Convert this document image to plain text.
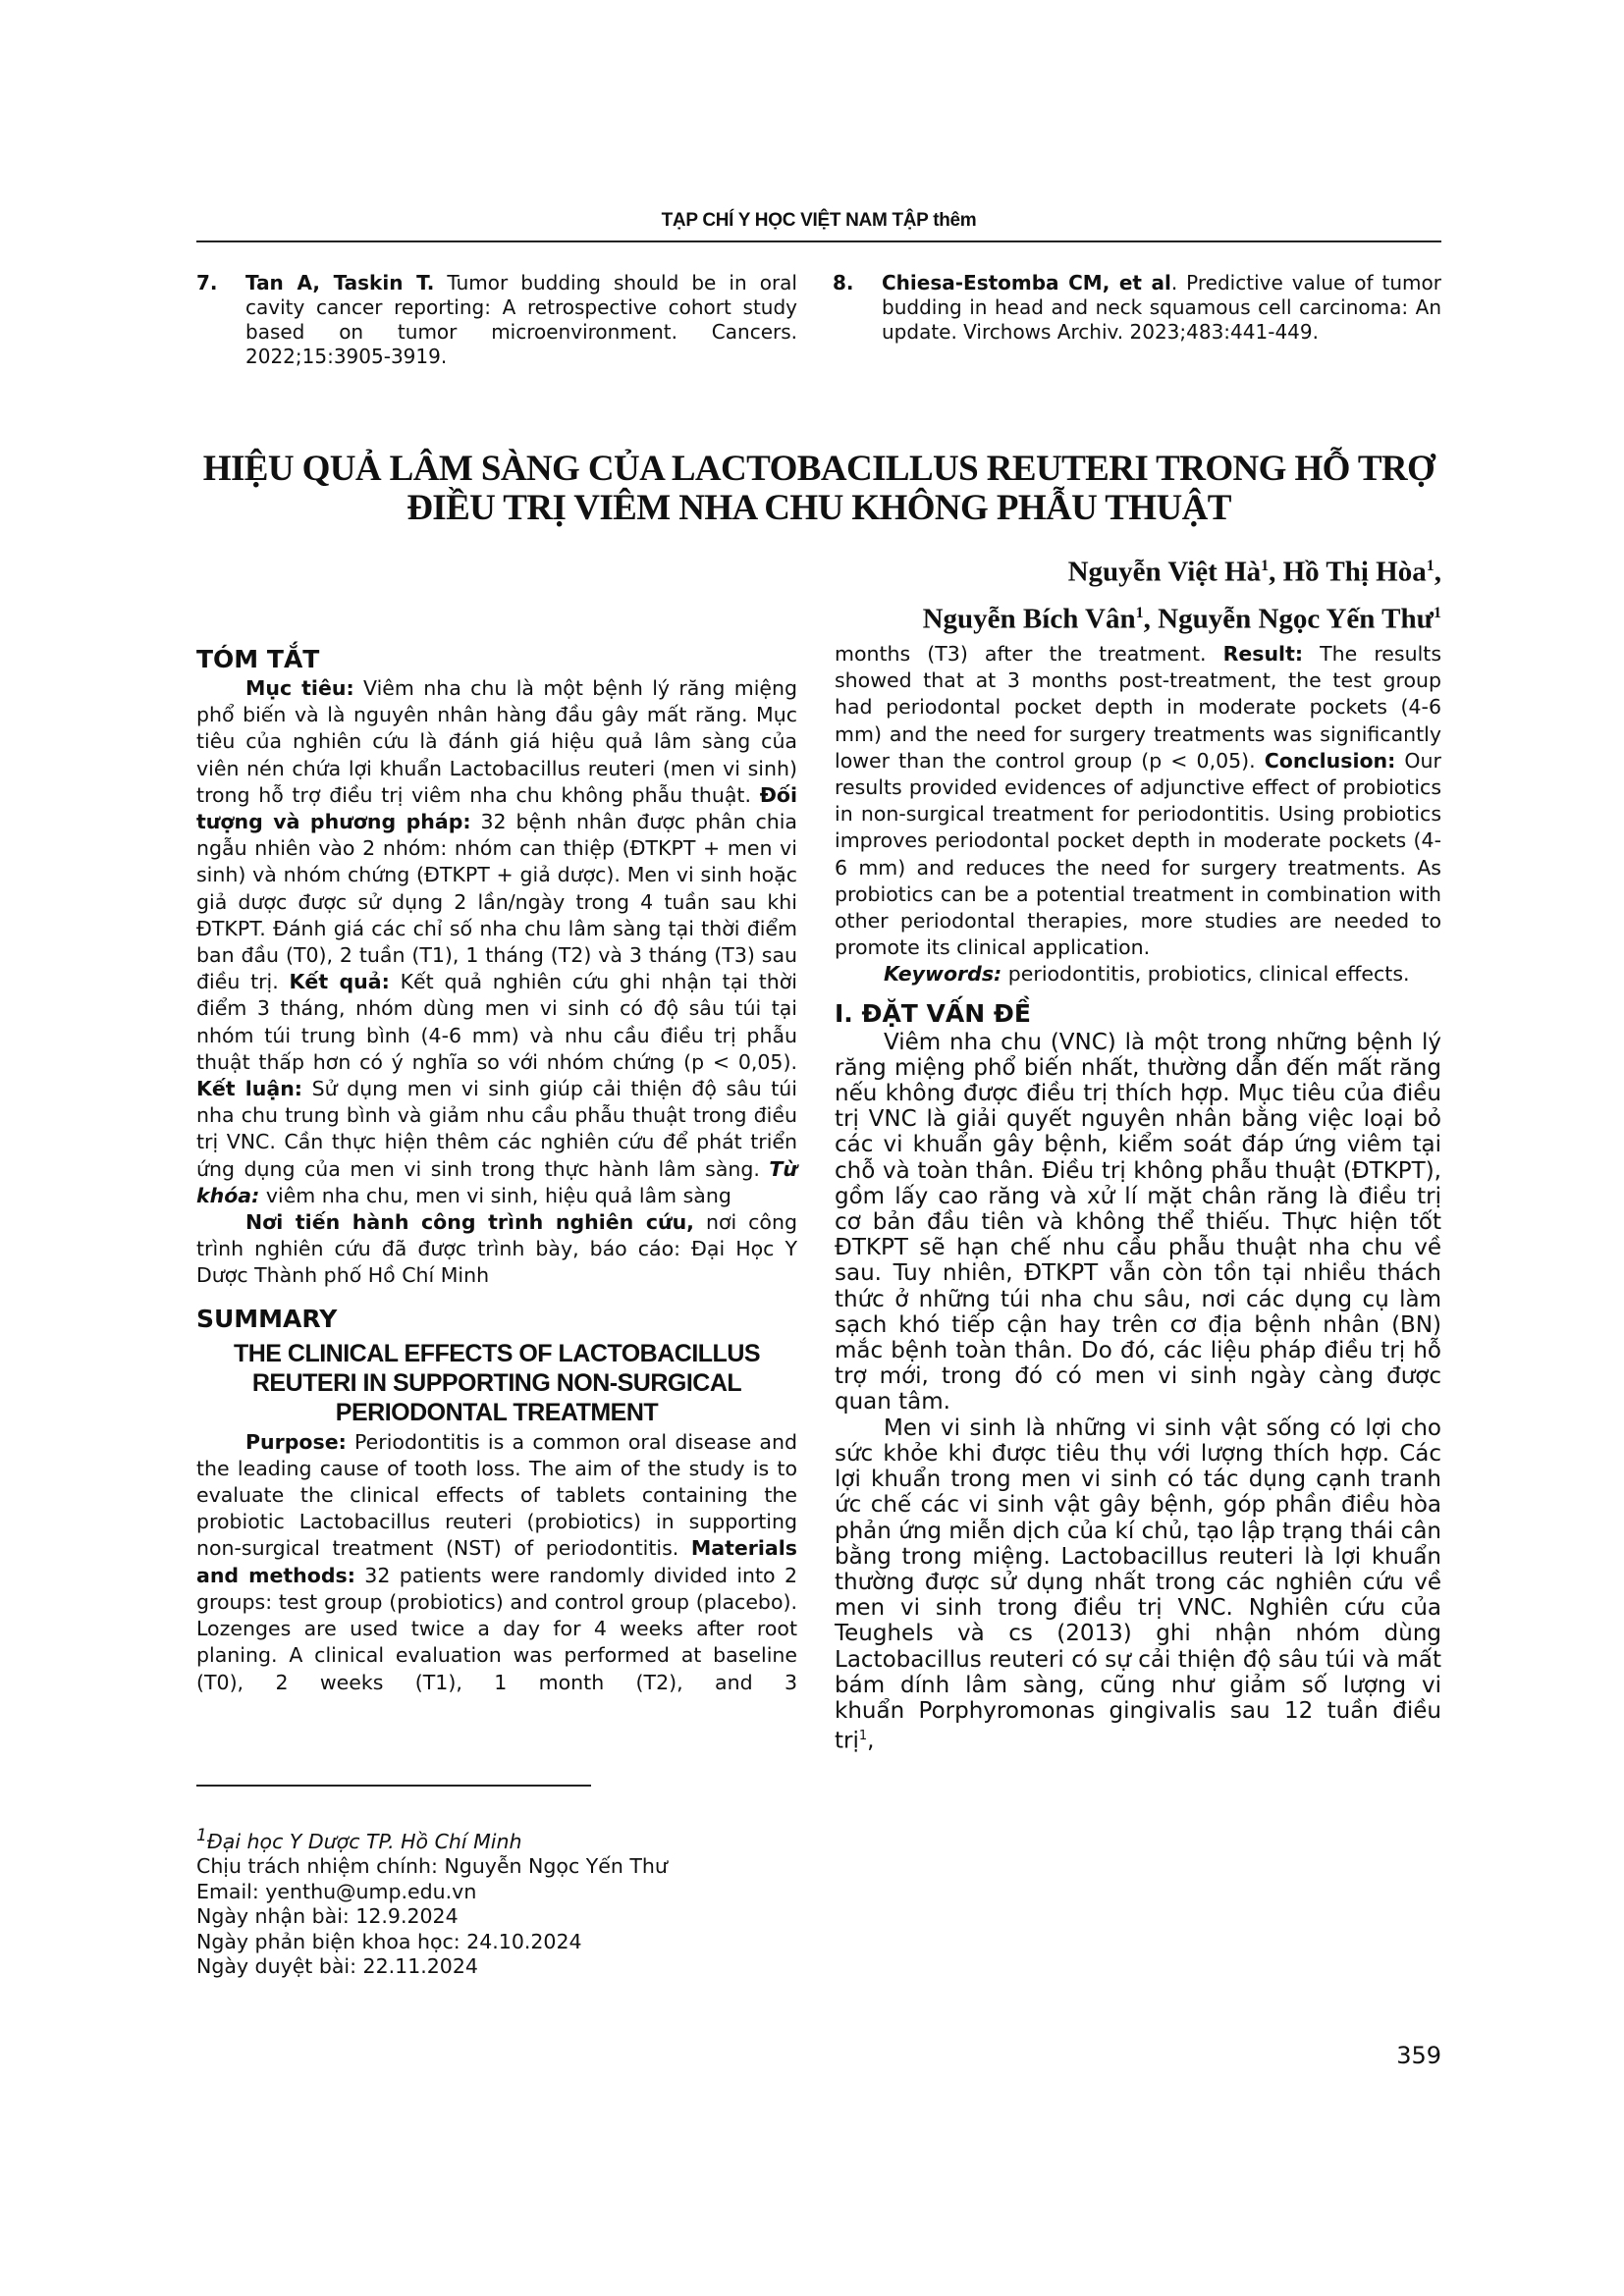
TẠP CHÍ Y HỌC VIỆT NAM TẬP thêm
7. Tan A, Taskin T. Tumor budding should be in oral cavity cancer reporting: A retrospective cohort study based on tumor microenvironment. Cancers. 2022;15:3905-3919.
8. Chiesa-Estomba CM, et al. Predictive value of tumor budding in head and neck squamous cell carcinoma: An update. Virchows Archiv. 2023;483:441-449.
HIỆU QUẢ LÂM SÀNG CỦA LACTOBACILLUS REUTERI TRONG HỖ TRỢ
ĐIỀU TRỊ VIÊM NHA CHU KHÔNG PHẪU THUẬT
Nguyễn Việt $Hà^1$, Hồ Thị Hòa$^1$,
Nguyễn Bích Vân$^1$, Nguyễn Ngọc Yến Thư$^1$
TÓM TẮT

Mục tiêu: Viêm nha chu là một bệnh lý răng miệng phổ biến và là nguyên nhân hàng đầu gây mất răng. Mục tiêu của nghiên cứu là đánh giá hiệu quả lâm sàng của viên nén chứa lợi khuẩn Lactobacillus reuteri (men vi sinh) trong hỗ trợ điều trị viêm nha chu không phẫu thuật. Đối tượng và phương pháp: 32 bệnh nhân được phân chia ngẫu nhiên vào 2 nhóm: nhóm can thiệp (ĐTKPT + men vi sinh) và nhóm chứng (ĐTKPT + giả dược). Men vi sinh hoặc giả dược được sử dụng 2 lần/ngày trong 4 tuần sau khi ĐTKPT. Đánh giá các chỉ số nha chu lâm sàng tại thời điểm ban đầu (T0), 2 tuần (T1), 1 tháng (T2) và 3 tháng (T3) sau điều trị. Kết quả: Kết quả nghiên cứu ghi nhận tại thời điểm 3 tháng, nhóm dùng men vi sinh có độ sâu túi tại nhóm túi trung bình (4-6 mm) và nhu cầu điều trị phẫu thuật thấp hơn có ý nghĩa so với nhóm chứng (p < 0,05). Kết luận: Sử dụng men vi sinh giúp cải thiện độ sâu túi nha chu trung bình và giảm nhu cầu phẫu thuật trong điều trị VNC. Cần thực hiện thêm các nghiên cứu để phát triển ứng dụng của men vi sinh trong thực hành lâm sàng. Từ khóa: viêm nha chu, men vi sinh, hiệu quả lâm sàng

Nơi tiến hành công trình nghiên cứu, nơi công trình nghiên cứu đã được trình bày, báo cáo: Đại Học Y Dược Thành phố Hồ Chí Minh

SUMMARY
THE CLINICAL EFFECTS OF LACTOBACILLUS REUTERI IN SUPPORTING NON-SURGICAL PERIODONTAL TREATMENT

Purpose: Periodontitis is a common oral disease and the leading cause of tooth loss. The aim of the study is to evaluate the clinical effects of tablets containing the probiotic Lactobacillus reuteri (probiotics) in supporting non-surgical treatment (NST) of periodontitis. Materials and methods: 32 patients were randomly divided into 2 groups: test group (probiotics) and control group (placebo). Lozenges are used twice a day for 4 weeks after root planing. A clinical evaluation was performed at baseline (T0), 2 weeks (T1), 1 month (T2), and 3

$^1$Đại học Y Dược TP. Hồ Chí Minh
Chịu trách nhiệm chính: Nguyễn Ngọc Yến Thư
Email: yenthu@ump.edu.vn
Ngày nhận bài: 12.9.2024
Ngày phản biện khoa học: 24.10.2024
Ngày duyệt bài: 22.11.2024

months (T3) after the treatment. Result: The results showed that at 3 months post-treatment, the test group had periodontal pocket depth in moderate pockets (4-6 mm) and the need for surgery treatments was significantly lower than the control group (p < 0,05). Conclusion: Our results provided evidences of adjunctive effect of probiotics in non-surgical treatment for periodontitis. Using probiotics improves periodontal pocket depth in moderate pockets (4-6 mm) and reduces the need for surgery treatments. As probiotics can be a potential treatment in combination with other periodontal therapies, more studies are needed to promote its clinical application.

Keywords: periodontitis, probiotics, clinical effects.

I. ĐẶT VẤN ĐỀ

Viêm nha chu (VNC) là một trong những bệnh lý răng miệng phổ biến nhất, thường dẫn đến mất răng nếu không được điều trị thích hợp. Mục tiêu của điều trị VNC là giải quyết nguyên nhân bằng việc loại bỏ các vi khuẩn gây bệnh, kiểm soát đáp ứng viêm tại chỗ và toàn thân. Điều trị không phẫu thuật (ĐTKPT), gồm lấy cao răng và xử lí mặt chân răng là điều trị cơ bản đầu tiên và không thể thiếu. Thực hiện tốt ĐTKPT sẽ hạn chế nhu cầu phẫu thuật nha chu về sau. Tuy nhiên, ĐTKPT vẫn còn tồn tại nhiều thách thức ở những túi nha chu sâu, nơi các dụng cụ làm sạch khó tiếp cận hay trên cơ địa bệnh nhân (BN) mắc bệnh toàn thân. Do đó, các liệu pháp điều trị hỗ trợ mới, trong đó có men vi sinh ngày càng được quan tâm.

Men vi sinh là những vi sinh vật sống có lợi cho sức khỏe khi được tiêu thụ với lượng thích hợp. Các lợi khuẩn trong men vi sinh có tác dụng cạnh tranh ức chế các vi sinh vật gây bệnh, góp phần điều hòa phản ứng miễn dịch của kí chủ, tạo lập trạng thái cân bằng trong miệng. Lactobacillus reuteri là lợi khuẩn thường được sử dụng nhất trong các nghiên cứu về men vi sinh trong điều trị VNC. Nghiên cứu của Teughels và cs (2013) ghi nhận nhóm dùng Lactobacillus reuteri có sự cải thiện độ sâu túi và mất bám dính lâm sàng, cũng như giảm số lượng vi khuẩn Porphyromonas gingivalis sau 12 tuần điều trị$^1$,

359
